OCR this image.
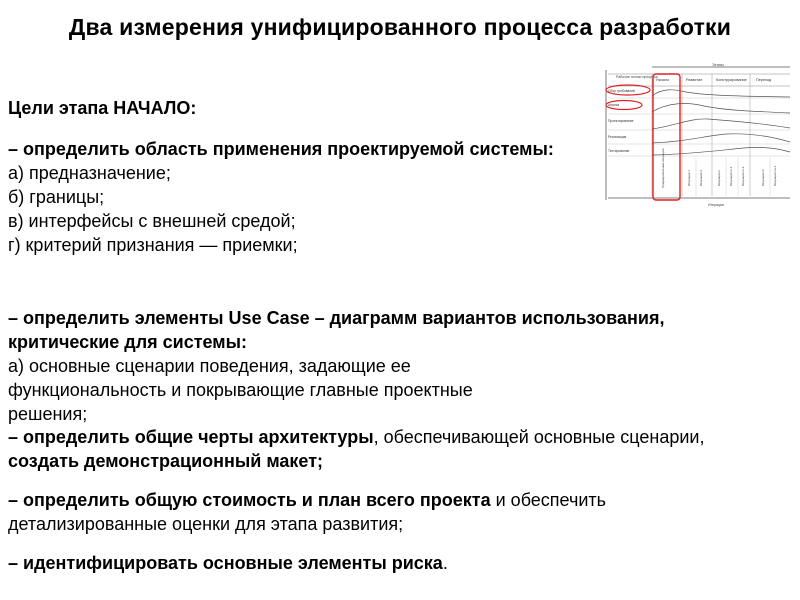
Два измерения унифицированного процесса разработки
Цели этапа НАЧАЛО:
– определить область применения проектируемой системы:
а) предназначение;
б) границы;
в) интерфейсы с внешней средой;
г) критерий признания — приемки;
– определить элементы Use Case – диаграмм вариантов использования, критические для системы:
а) основные сценарии поведения, задающие ее функциональность и покрывающие главные проектные решения;
– определить общие черты архитектуры, обеспечивающей основные сценарии, создать демонстрационный макет;
– определить общую стоимость и план всего проекта и обеспечить детализированные оценки для этапа развития;
– идентифицировать основные элементы риска.
Этапы
Рабочие потоки процесса
Начало	Развитие	Конструирование Переход
Сбор требований
Анализ
Проектирование
Реализация
Тестирование	Предварительные итерации	Итерация 1	Итерация 2	Итерация n	Итерация n+1	Итерация n+2	Итерация m	Итерация m+1
Итерации
